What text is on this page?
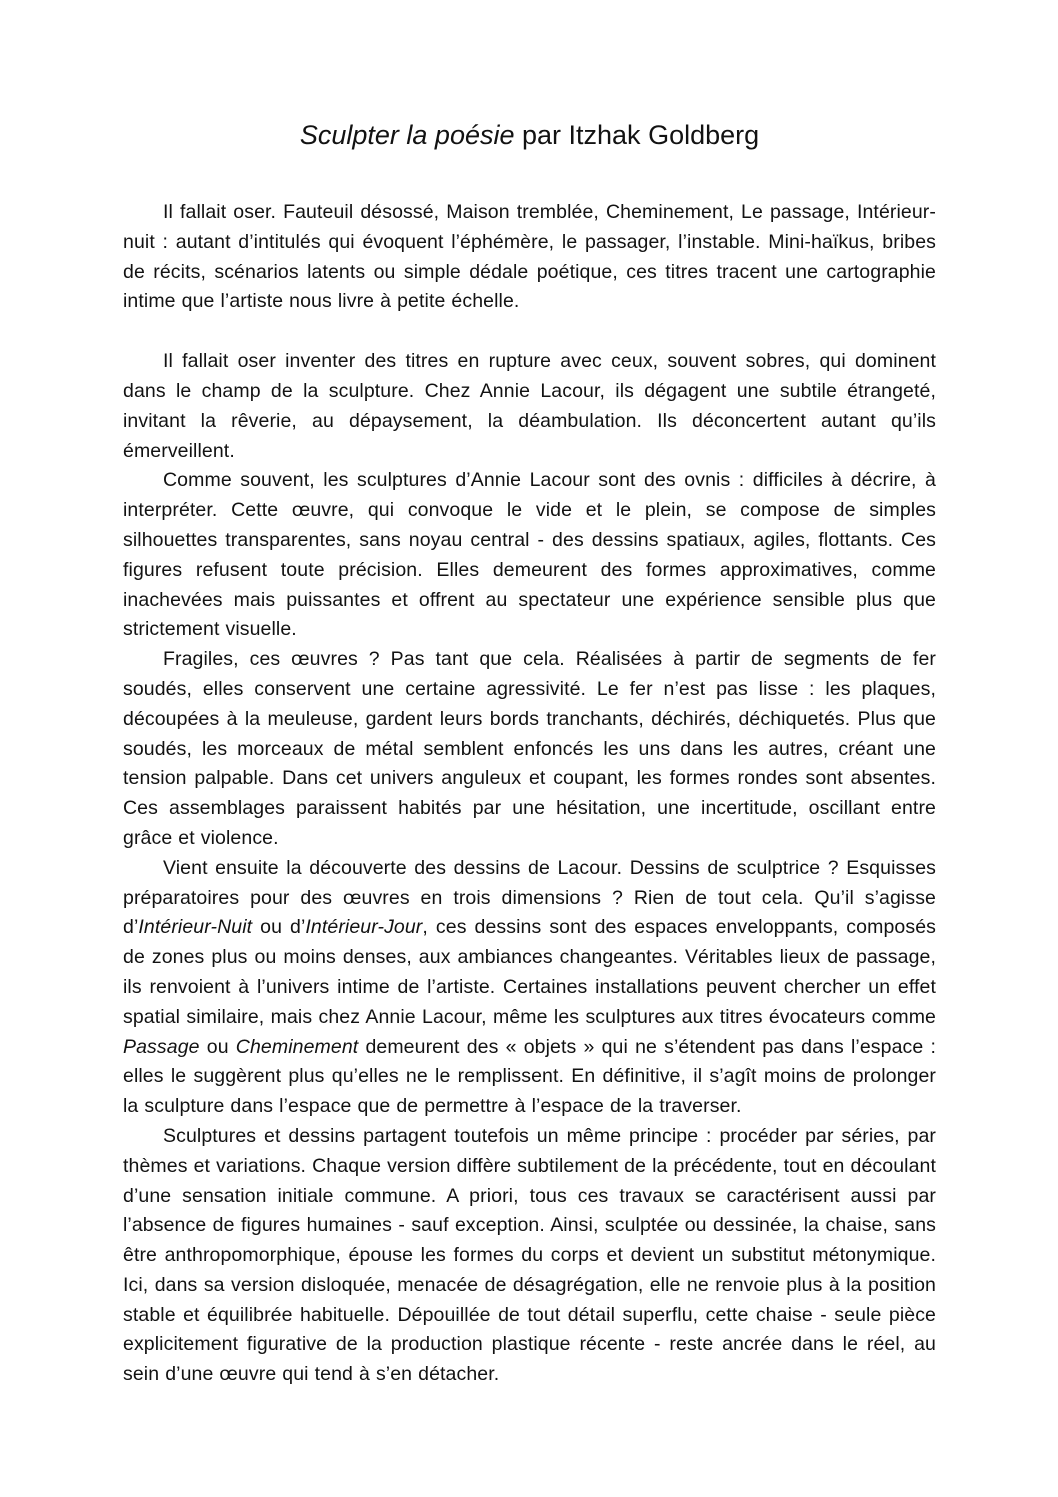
Sculpter la poésie par Itzhak Goldberg

Il fallait oser. Fauteuil désossé, Maison tremblée, Cheminement, Le passage, Intérieur-nuit : autant d’intitulés qui évoquent l’éphémère, le passager, l’instable. Mini-haïkus, bribes de récits, scénarios latents ou simple dédale poétique, ces titres tracent une cartographie intime que l’artiste nous livre à petite échelle.

Il fallait oser inventer des titres en rupture avec ceux, souvent sobres, qui dominent dans le champ de la sculpture. Chez Annie Lacour, ils dégagent une subtile étrangeté, invitant la rêverie, au dépaysement, la déambulation. Ils déconcertent autant qu’ils émerveillent.

Comme souvent, les sculptures d’Annie Lacour sont des ovnis : difficiles à décrire, à interpréter. Cette œuvre, qui convoque le vide et le plein, se compose de simples silhouettes transparentes, sans noyau central - des dessins spatiaux, agiles, flottants. Ces figures refusent toute précision. Elles demeurent des formes approximatives, comme inachevées mais puissantes et offrent au spectateur une expérience sensible plus que strictement visuelle.

Fragiles, ces œuvres ? Pas tant que cela. Réalisées à partir de segments de fer soudés, elles conservent une certaine agressivité. Le fer n’est pas lisse : les plaques, découpées à la meuleuse, gardent leurs bords tranchants, déchirés, déchiquetés. Plus que soudés, les morceaux de métal semblent enfoncés les uns dans les autres, créant une tension palpable. Dans cet univers anguleux et coupant, les formes rondes sont absentes. Ces assemblages paraissent habités par une hésitation, une incertitude, oscillant entre grâce et violence.

Vient ensuite la découverte des dessins de Lacour. Dessins de sculptrice ? Esquisses préparatoires pour des œuvres en trois dimensions ? Rien de tout cela. Qu’il s’agisse d’Intérieur-Nuit ou d’Intérieur-Jour, ces dessins sont des espaces enveloppants, composés de zones plus ou moins denses, aux ambiances changeantes. Véritables lieux de passage, ils renvoient à l’univers intime de l’artiste. Certaines installations peuvent chercher un effet spatial similaire, mais chez Annie Lacour, même les sculptures aux titres évocateurs comme Passage ou Cheminement demeurent des « objets » qui ne s’étendent pas dans l’espace : elles le suggèrent plus qu’elles ne le remplissent. En définitive, il s’agît moins de prolonger la sculpture dans l’espace que de permettre à l’espace de la traverser.

Sculptures et dessins partagent toutefois un même principe : procéder par séries, par thèmes et variations. Chaque version diffère subtilement de la précédente, tout en découlant d’une sensation initiale commune. A priori, tous ces travaux se caractérisent aussi par l’absence de figures humaines - sauf exception. Ainsi, sculptée ou dessinée, la chaise, sans être anthropomorphique, épouse les formes du corps et devient un substitut métonymique. Ici, dans sa version disloquée, menacée de désagrégation, elle ne renvoie plus à la position stable et équilibrée habituelle. Dépouillée de tout détail superflu, cette chaise - seule pièce explicitement figurative de la production plastique récente - reste ancrée dans le réel, au sein d’une œuvre qui tend à s’en détacher.
